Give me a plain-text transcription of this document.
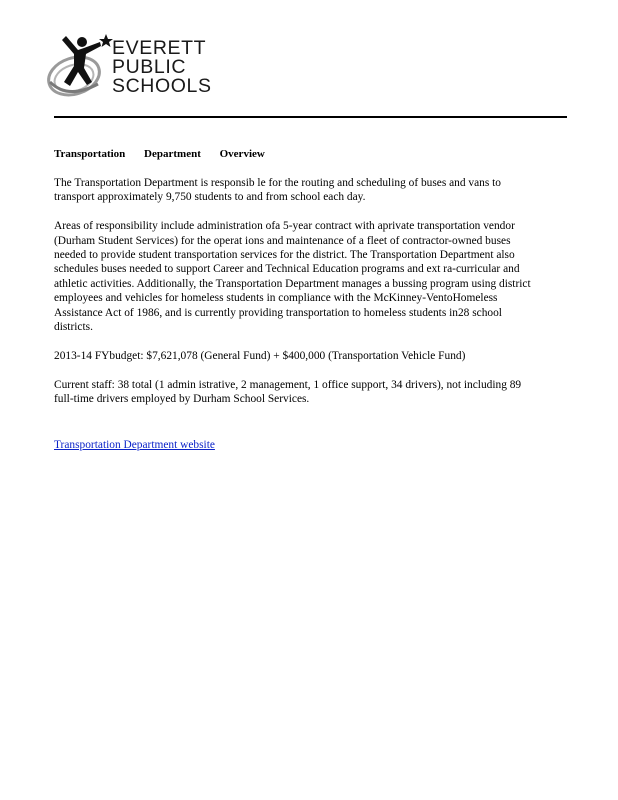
EVERETT
PUBLIC
SCHOOLS
Transportation Department Overview

The Transportation Department is responsib le for the routing and scheduling of buses and vans to transport approximately 9,750 students to and from school each day.

Areas of responsibility include administration ofa 5-year contract with aprivate transportation vendor (Durham Student Services) for the operat ions and maintenance of a fleet of contractor-owned buses needed to provide student transportation services for the district. The Transportation Department also schedules buses needed to support Career and Technical Education programs and ext ra-curricular and athletic activities. Additionally, the Transportation Department manages a bussing program using district employees and vehicles for homeless students in compliance with the McKinney-VentoHomeless Assistance Act of 1986, and is currently providing transportation to homeless students in28 school districts.

2013-14 FYbudget: $7,621,078 (General Fund) + $400,000 (Transportation Vehicle Fund)

Current staff: 38 total (1 admin istrative, 2 management, 1 office support, 34 drivers), not including 89 full-time drivers employed by Durham School Services.

Transportation Department website
